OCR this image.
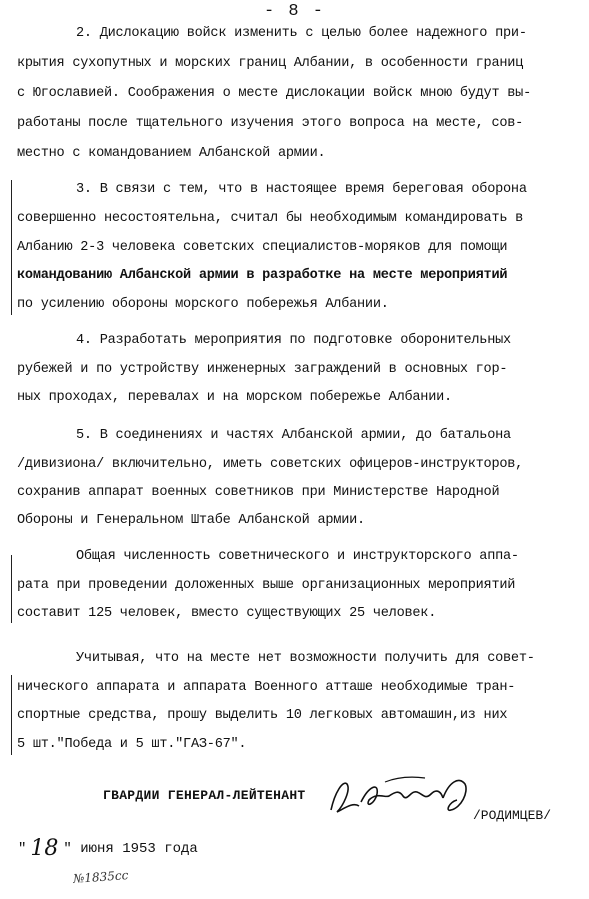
- 8 -
2. Дислокацию войск изменить с целью более надежного при-
крытия сухопутных и морских границ Албании, в особенности границ
с Югославией. Соображения о месте дислокации войск мною будут вы-
работаны после тщательного изучения этого вопроса на месте, сов-
местно с командованием Албанской армии.
3. В связи с тем, что в настоящее время береговая оборона
совершенно несостоятельна, считал бы необходимым командировать в
Албанию 2-3 человека советских специалистов-моряков для помощи
командованию Албанской армии в разработке на месте мероприятий
по усилению обороны морского побережья Албании.
4. Разработать мероприятия по подготовке оборонительных
рубежей и по устройству инженерных заграждений в основных гор-
ных проходах, перевалах и на морском побережье Албании.
5. В соединениях и частях Албанской армии, до батальона
/дивизиона/ включительно, иметь советских офицеров-инструкторов,
сохранив аппарат военных советников при Министерстве Народной
Обороны и Генеральном Штабе Албанской армии.
Общая численность советнического и инструкторского аппа-
рата при проведении доложенных выше организационных мероприятий
составит 125 человек, вместо существующих 25 человек.
Учитывая, что на месте нет возможности получить для совет-
нического аппарата и аппарата Военного атташе необходимые тран-
спортные средства, прошу выделить 10 легковых автомашин,из них
5 шт."Победа и 5 шт."ГАЗ-67".
ГВАРДИИ ГЕНЕРАЛ-ЛЕЙТЕНАНТ
/РОДИМЦЕВ/
" 18 " июня 1953 года
№1835сс
